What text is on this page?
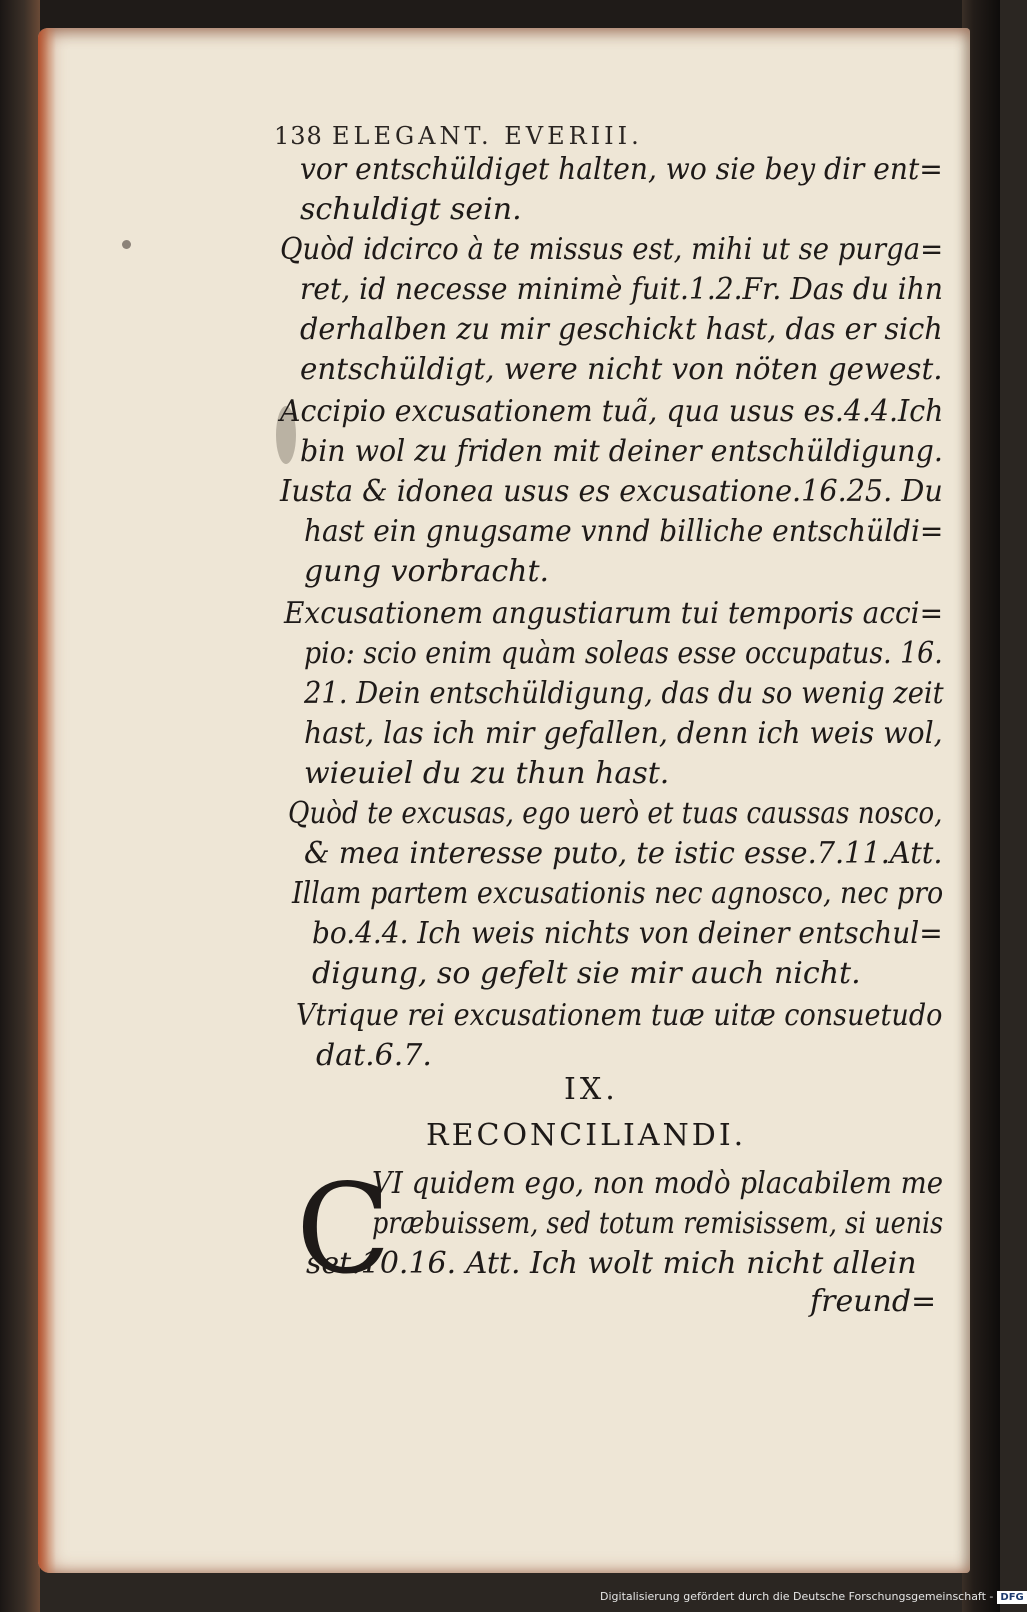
138 ELEGANT. EVERIII.
vor entschüldiget halten, wo sie bey dir ent=
schuldigt sein.
Quòd idcirco à te missus est, mihi ut se purga=
ret, id necesse minimè fuit.1.2.Fr. Das du ihn
derhalben zu mir geschickt hast, das er sich
entschüldigt, were nicht von nöten gewest.
Accipio excusationem tuã, qua usus es.4.4.Ich
bin wol zu friden mit deiner entschüldigung.
Iusta & idonea usus es excusatione.16.25. Du
hast ein gnugsame vnnd billiche entschüldi=
gung vorbracht.
Excusationem angustiarum tui temporis acci=
pio: scio enim quàm soleas esse occupatus. 16.
21. Dein entschüldigung, das du so wenig zeit
hast, las ich mir gefallen, denn ich weis wol,
wieuiel du zu thun hast.
Quòd te excusas, ego uerò et tuas caussas nosco,
& mea interesse puto, te istic esse.7.11.Att.
Illam partem excusationis nec agnosco, nec pro
bo.4.4. Ich weis nichts von deiner entschul=
digung, so gefelt sie mir auch nicht.
Vtrique rei excusationem tuæ uitæ consuetudo
dat.6.7.
IX.
RECONCILIANDI.
C
VI quidem ego, non modò placabilem me
præbuissem, sed totum remisissem, si uenis
set.10.16. Att. Ich wolt mich nicht allein
freund=
Digitalisierung gefördert durch die Deutsche Forschungsgemeinschaft - DFG
